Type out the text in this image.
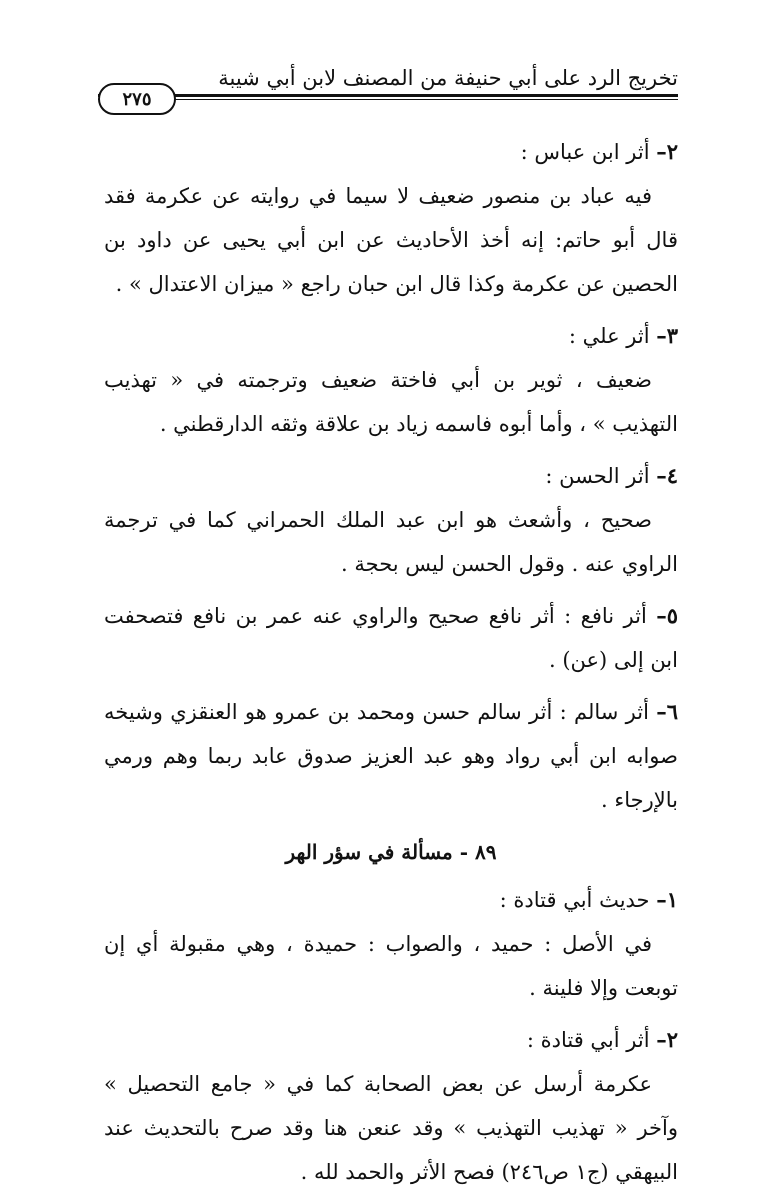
تخريج الرد على أبي حنيفة من المصنف لابن أبي شيبة
٢٧٥

٢– أثر ابن عباس :

فيه عباد بن منصور ضعيف لا سيما في روايته عن عكرمة فقد قال أبو حاتم: إنه أخذ الأحاديث عن ابن أبي يحيى عن داود بن الحصين عن عكرمة وكذا قال ابن حبان راجع « ميزان الاعتدال » .

٣– أثر علي :

ضعيف ، ثوير بن أبي فاختة ضعيف وترجمته في « تهذيب التهذيب » ، وأما أبوه فاسمه زياد بن علاقة وثقه الدارقطني .

٤– أثر الحسن :

صحيح ، وأشعث هو ابن عبد الملك الحمراني كما في ترجمة الراوي عنه . وقول الحسن ليس بحجة .

٥– أثر نافع : أثر نافع صحيح والراوي عنه عمر بن نافع فتصحفت ابن إلى (عن) .

٦– أثر سالم : أثر سالم حسن ومحمد بن عمرو هو العنقزي وشيخه صوابه ابن أبي رواد وهو عبد العزيز صدوق عابد ربما وهم ورمي بالإرجاء .

٨٩ - مسألة في سؤر الهر

١– حديث أبي قتادة :

في الأصل : حميد ، والصواب : حميدة ، وهي مقبولة أي إن توبعت وإلا فلينة .

٢– أثر أبي قتادة :

عكرمة أرسل عن بعض الصحابة كما في « جامع التحصيل » وآخر « تهذيب التهذيب » وقد عنعن هنا وقد صرح بالتحديث عند البيهقي (ج١ ص٢٤٦) فصح الأثر والحمد لله .
